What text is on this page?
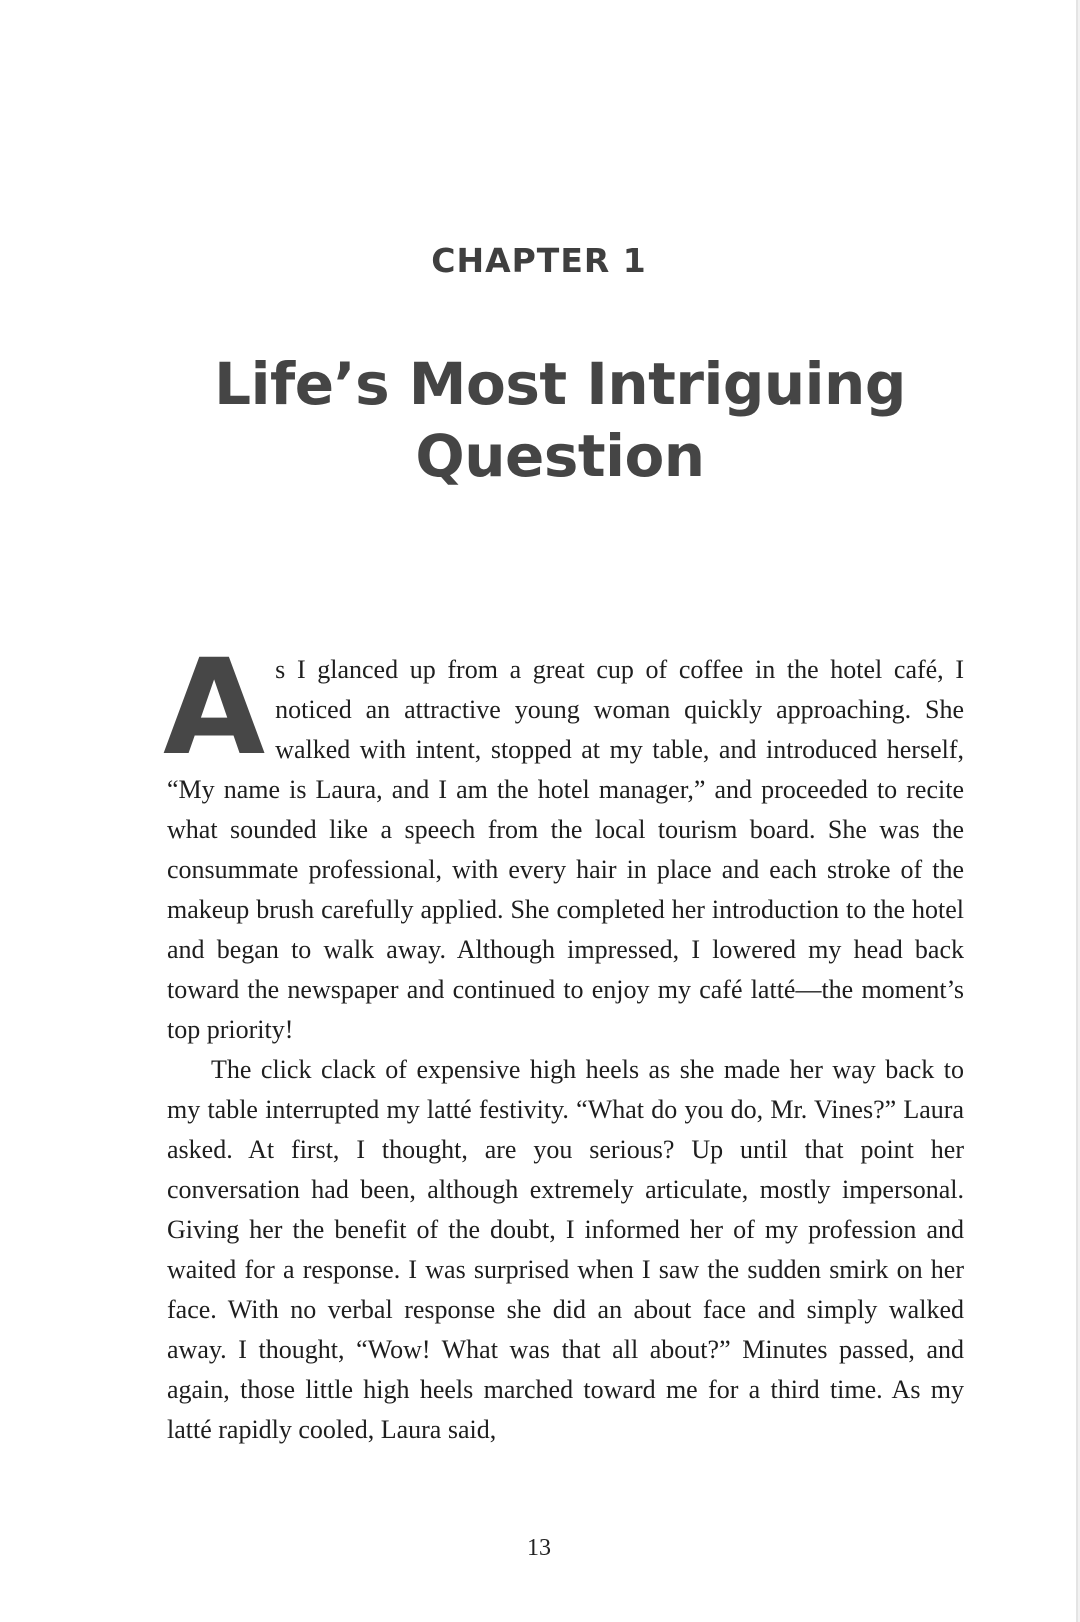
CHAPTER 1
Life’s Most Intriguing Question

As I glanced up from a great cup of coffee in the hotel café, I noticed an attractive young woman quickly approaching. She walked with intent, stopped at my table, and introduced herself, “My name is Laura, and I am the hotel manager,” and proceeded to recite what sounded like a speech from the local tourism board. She was the consummate professional, with every hair in place and each stroke of the makeup brush carefully applied. She completed her introduction to the hotel and began to walk away. Although impressed, I lowered my head back toward the newspaper and continued to enjoy my café latté—the moment’s top priority!

The click clack of expensive high heels as she made her way back to my table interrupted my latté festivity. “What do you do, Mr. Vines?” Laura asked. At first, I thought, are you serious? Up until that point her conversation had been, although extremely articulate, mostly impersonal. Giving her the benefit of the doubt, I informed her of my profession and waited for a response. I was surprised when I saw the sudden smirk on her face. With no verbal response she did an about face and simply walked away. I thought, “Wow! What was that all about?” Minutes passed, and again, those little high heels marched toward me for a third time. As my latté rapidly cooled, Laura said,

13
